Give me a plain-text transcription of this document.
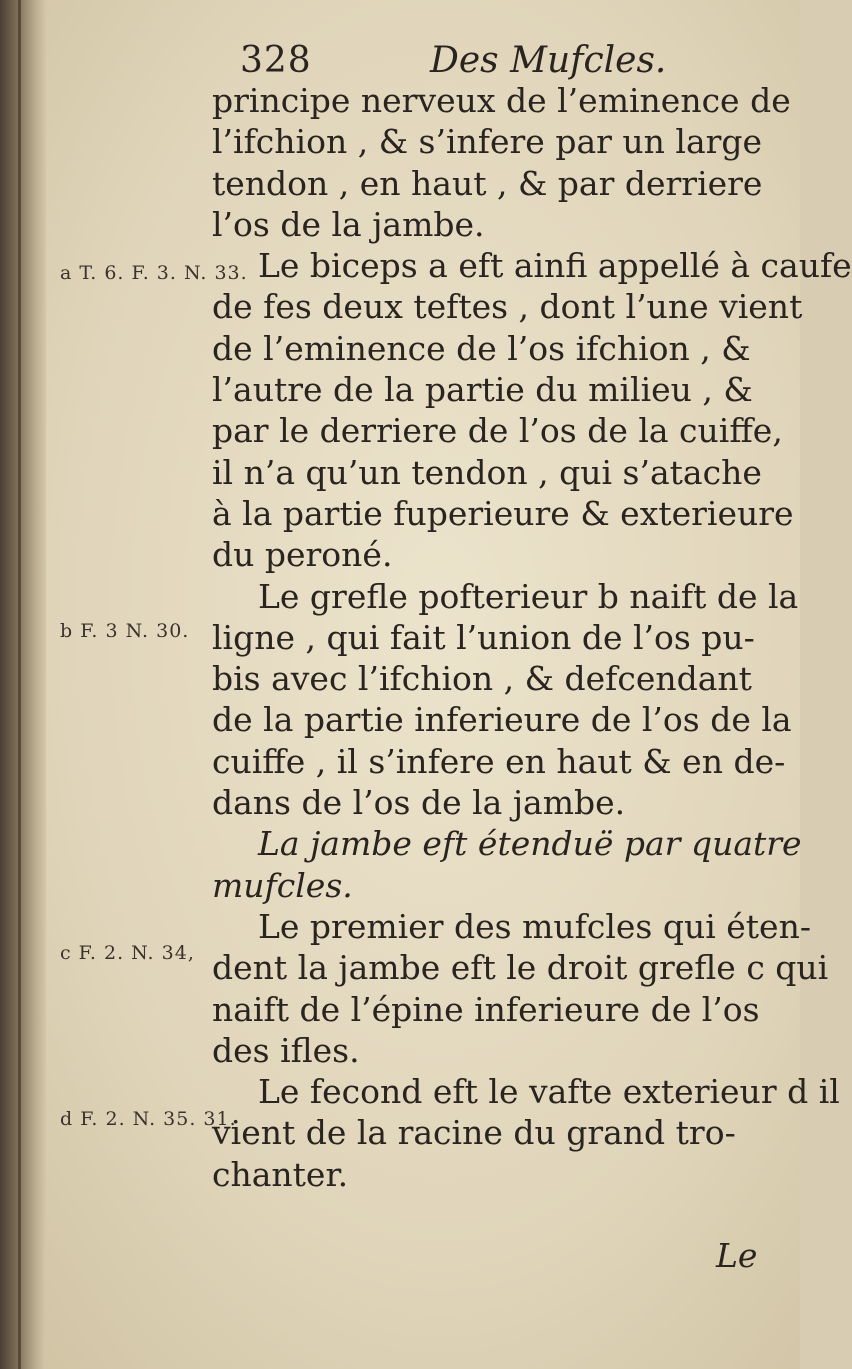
328	Des Mufcles.
a T. 6. F. 3. N. 33.
b F. 3 N. 30.
c F. 2. N. 34,
d F. 2. N. 35. 31.
principe nerveux de l’eminence de
l’ifchion , & s’infere par un large
tendon , en haut , & par derriere
l’os de la jambe.
Le biceps a eft ainfi appellé à caufe
de fes deux teftes , dont l’une vient
de l’eminence de l’os ifchion , &
l’autre de la partie du milieu , &
par le derriere de l’os de la cuiffe,
il n’a qu’un tendon , qui s’atache
à la partie fuperieure & exterieure
du peroné.
Le grefle pofterieur b naift de la
ligne , qui fait l’union de l’os pu-
bis avec l’ifchion , & defcendant
de la partie inferieure de l’os de la
cuiffe , il s’infere en haut & en de-
dans de l’os de la jambe.
La jambe eft étenduë par quatre
mufcles.
Le premier des mufcles qui éten-
dent la jambe eft le droit grefle c qui
naift de l’épine inferieure de l’os
des ifles.
Le fecond eft le vafte exterieur d il
vient de la racine du grand tro-
chanter.
Le
